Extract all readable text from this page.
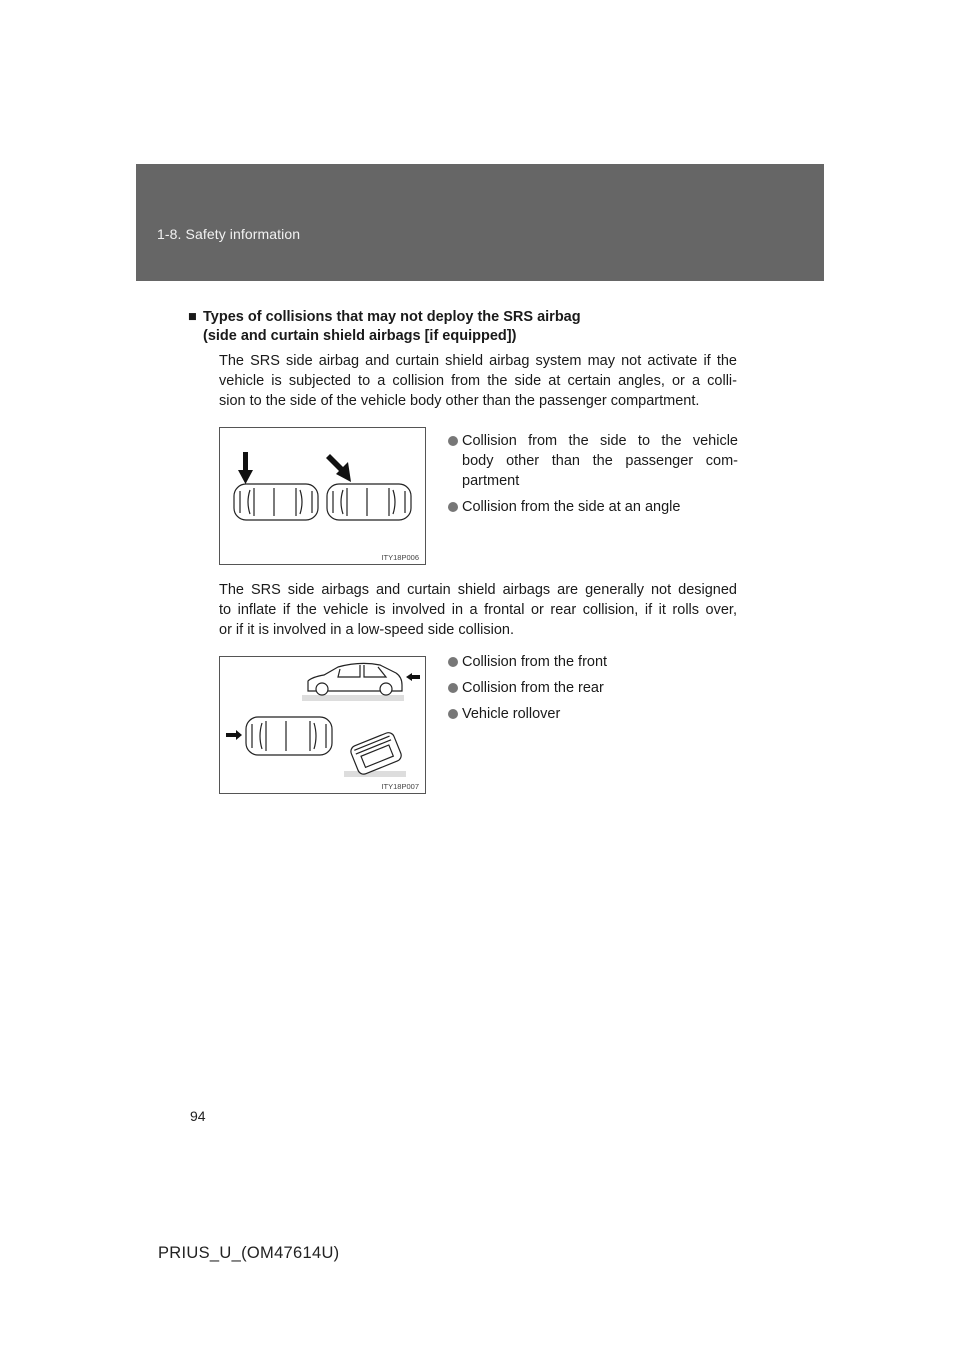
1-8. Safety information
■ Types of collisions that may not deploy the SRS airbag
(side and curtain shield airbags [if equipped])
The SRS side airbag and curtain shield airbag system may not activate if the
vehicle is subjected to a collision from the side at certain angles, or a colli-
sion to the side of the vehicle body other than the passenger compartment.
ITY18P006
Collision from the side to the vehicle
body other than the passenger com-
partment
Collision from the side at an angle
The SRS side airbags and curtain shield airbags are generally not designed
to inflate if the vehicle is involved in a frontal or rear collision, if it rolls over,
or if it is involved in a low-speed side collision.
ITY18P007
Collision from the front
Collision from the rear
Vehicle rollover
94
PRIUS_U_(OM47614U)
